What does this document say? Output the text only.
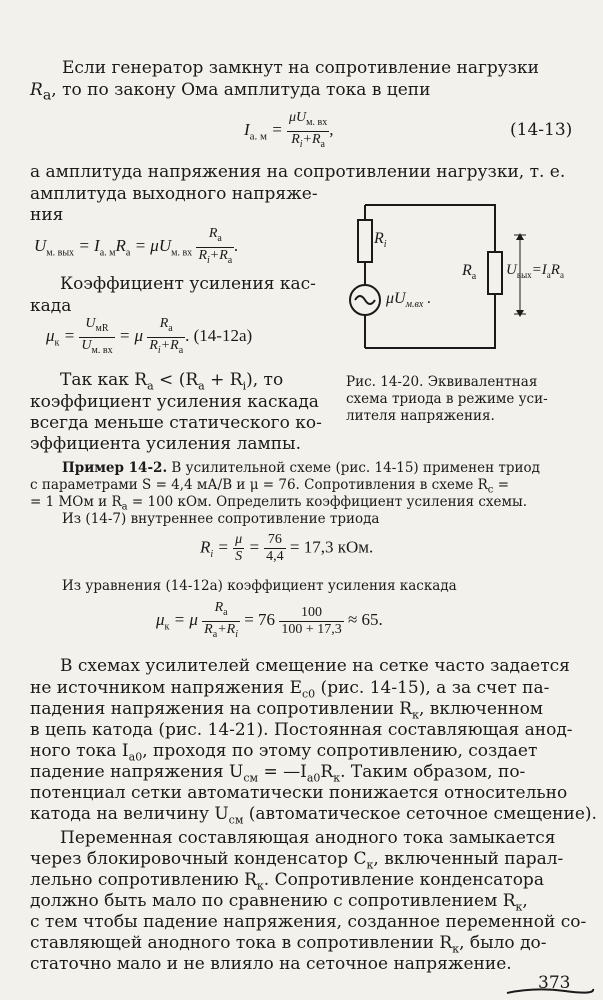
Если генератор замкнут на сопротивление нагрузки
$R_a$, то по закону Ома амплитуда тока в цепи
$I_{a. м} = \frac{\mu U_{м. вх}}{R_i+R_a}$ ,	(14-13)
а амплитуда напряжения на сопротивлении нагрузки, т. е.
амплитуда выходного напряже-
ния
$U_{м. вых} = I_{a. м}R_a = \mu U_{м. вх} \frac{R_a}{R_i+R_a}$ .
Коэффициент усиления кас-
када
$\mu_к = \frac{U_{мR}}{U_{м. вх}} = \mu \frac{R_a}{R_i+R_a}$ . (14-12a)
Так как $R_a < (R_a + R_i)$, то
коэффициент усиления каскада
всегда меньше статического ко-
эффициента усиления лампы.
$R_i$
$R_a$
$\mu U_{м.вх}$ .
$U_{вых}=I_aR_a$
Рис. 14-20. Эквивалентная
схема триода в режиме уси-
лителя напряжения.
Пример 14-2. В усилительной схеме (рис. 14-15) применен триод
с параметрами S = 4,4 мА/В и μ = 76. Сопротивления в схеме $R_c$ =
= 1 МОм и $R_a = 100$ кОм. Определить коэффициент усиления схемы.
Из (14-7) внутреннее сопротивление триода
$R_i = \frac{\mu}{S} = \frac{76}{4,4} = 17,3$ кОм.
Из уравнения (14-12a) коэффициент усиления каскада
$\mu_к = \mu \frac{R_a}{R_a+R_i} = 76 \frac{100}{100 + 17,3} \approx 65$.
В схемах усилителей смещение на сетке часто задается
не источником напряжения $E_{c0}$ (рис. 14-15), а за счет па-
падения напряжения на сопротивлении $R_к$, включенном
в цепь катода (рис. 14-21). Постоянная составляющая анод-
ного тока $I_{a0}$, проходя по этому сопротивлению, создает
падение напряжения $U_{см}$ = $—I_{a0}R_к$. Таким образом, по-
потенциал сетки автоматически понижается относительно
катода на величину $U_{см}$ (автоматическое сеточное смещение).
Переменная составляющая анодного тока замыкается
через блокировочный конденсатор $C_к$, включенный парал-
лельно сопротивлению $R_к$. Сопротивление конденсатора
должно быть мало по сравнению с сопротивлением $R_к$,
с тем чтобы падение напряжения, созданное переменной со-
ставляющей анодного тока в сопротивлении $R_к$, было до-
статочно мало и не влияло на сеточное напряжение.
373
